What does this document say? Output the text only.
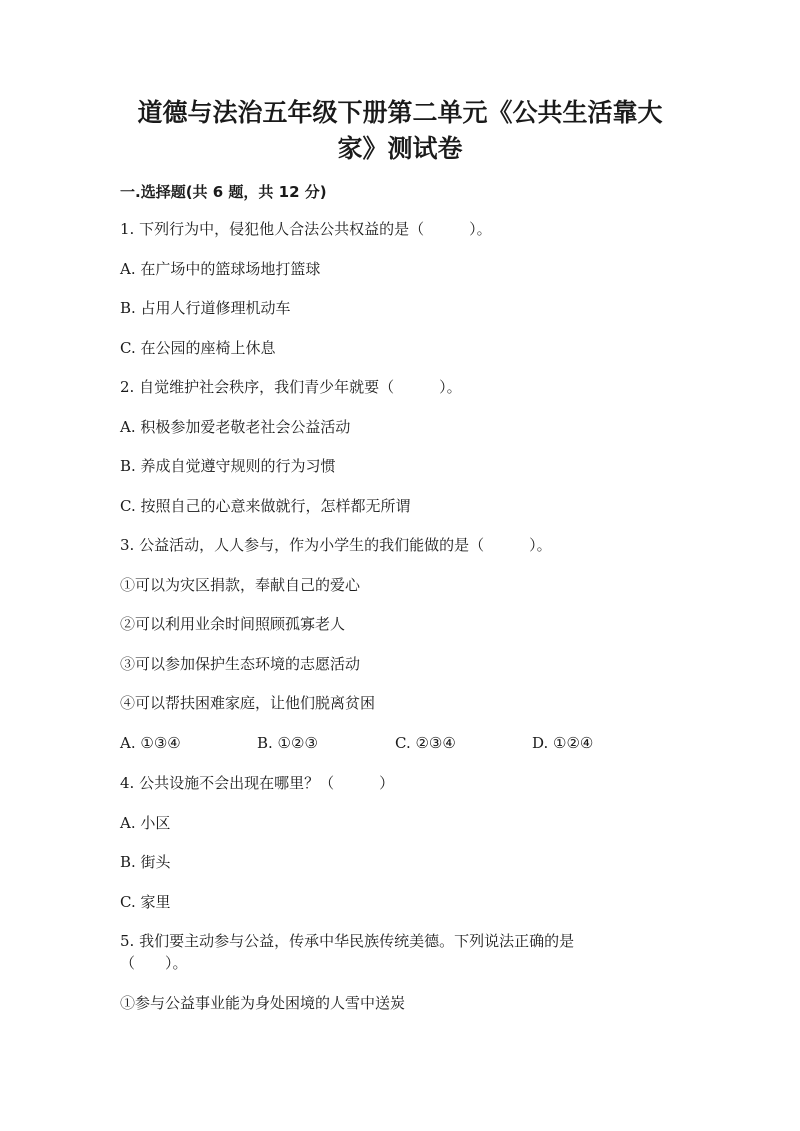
道德与法治五年级下册第二单元《公共生活靠大
家》测试卷
一.选择题(共 6 题，共 12 分)
1. 下列行为中，侵犯他人合法公共权益的是（　　　）。
A. 在广场中的篮球场地打篮球
B. 占用人行道修理机动车
C. 在公园的座椅上休息
2. 自觉维护社会秩序，我们青少年就要（　　　）。
A. 积极参加爱老敬老社会公益活动
B. 养成自觉遵守规则的行为习惯
C. 按照自己的心意来做就行，怎样都无所谓
3. 公益活动，人人参与，作为小学生的我们能做的是（　　　）。
①可以为灾区捐款，奉献自己的爱心
②可以利用业余时间照顾孤寡老人
③可以参加保护生态环境的志愿活动
④可以帮扶困难家庭，让他们脱离贫困
A. ①③④	B. ①②③	C. ②③④	D. ①②④
4. 公共设施不会出现在哪里？（　　　）
A. 小区
B. 街头
C. 家里
5. 我们要主动参与公益，传承中华民族传统美德。下列说法正确的是
（　　）。
①参与公益事业能为身处困境的人雪中送炭
